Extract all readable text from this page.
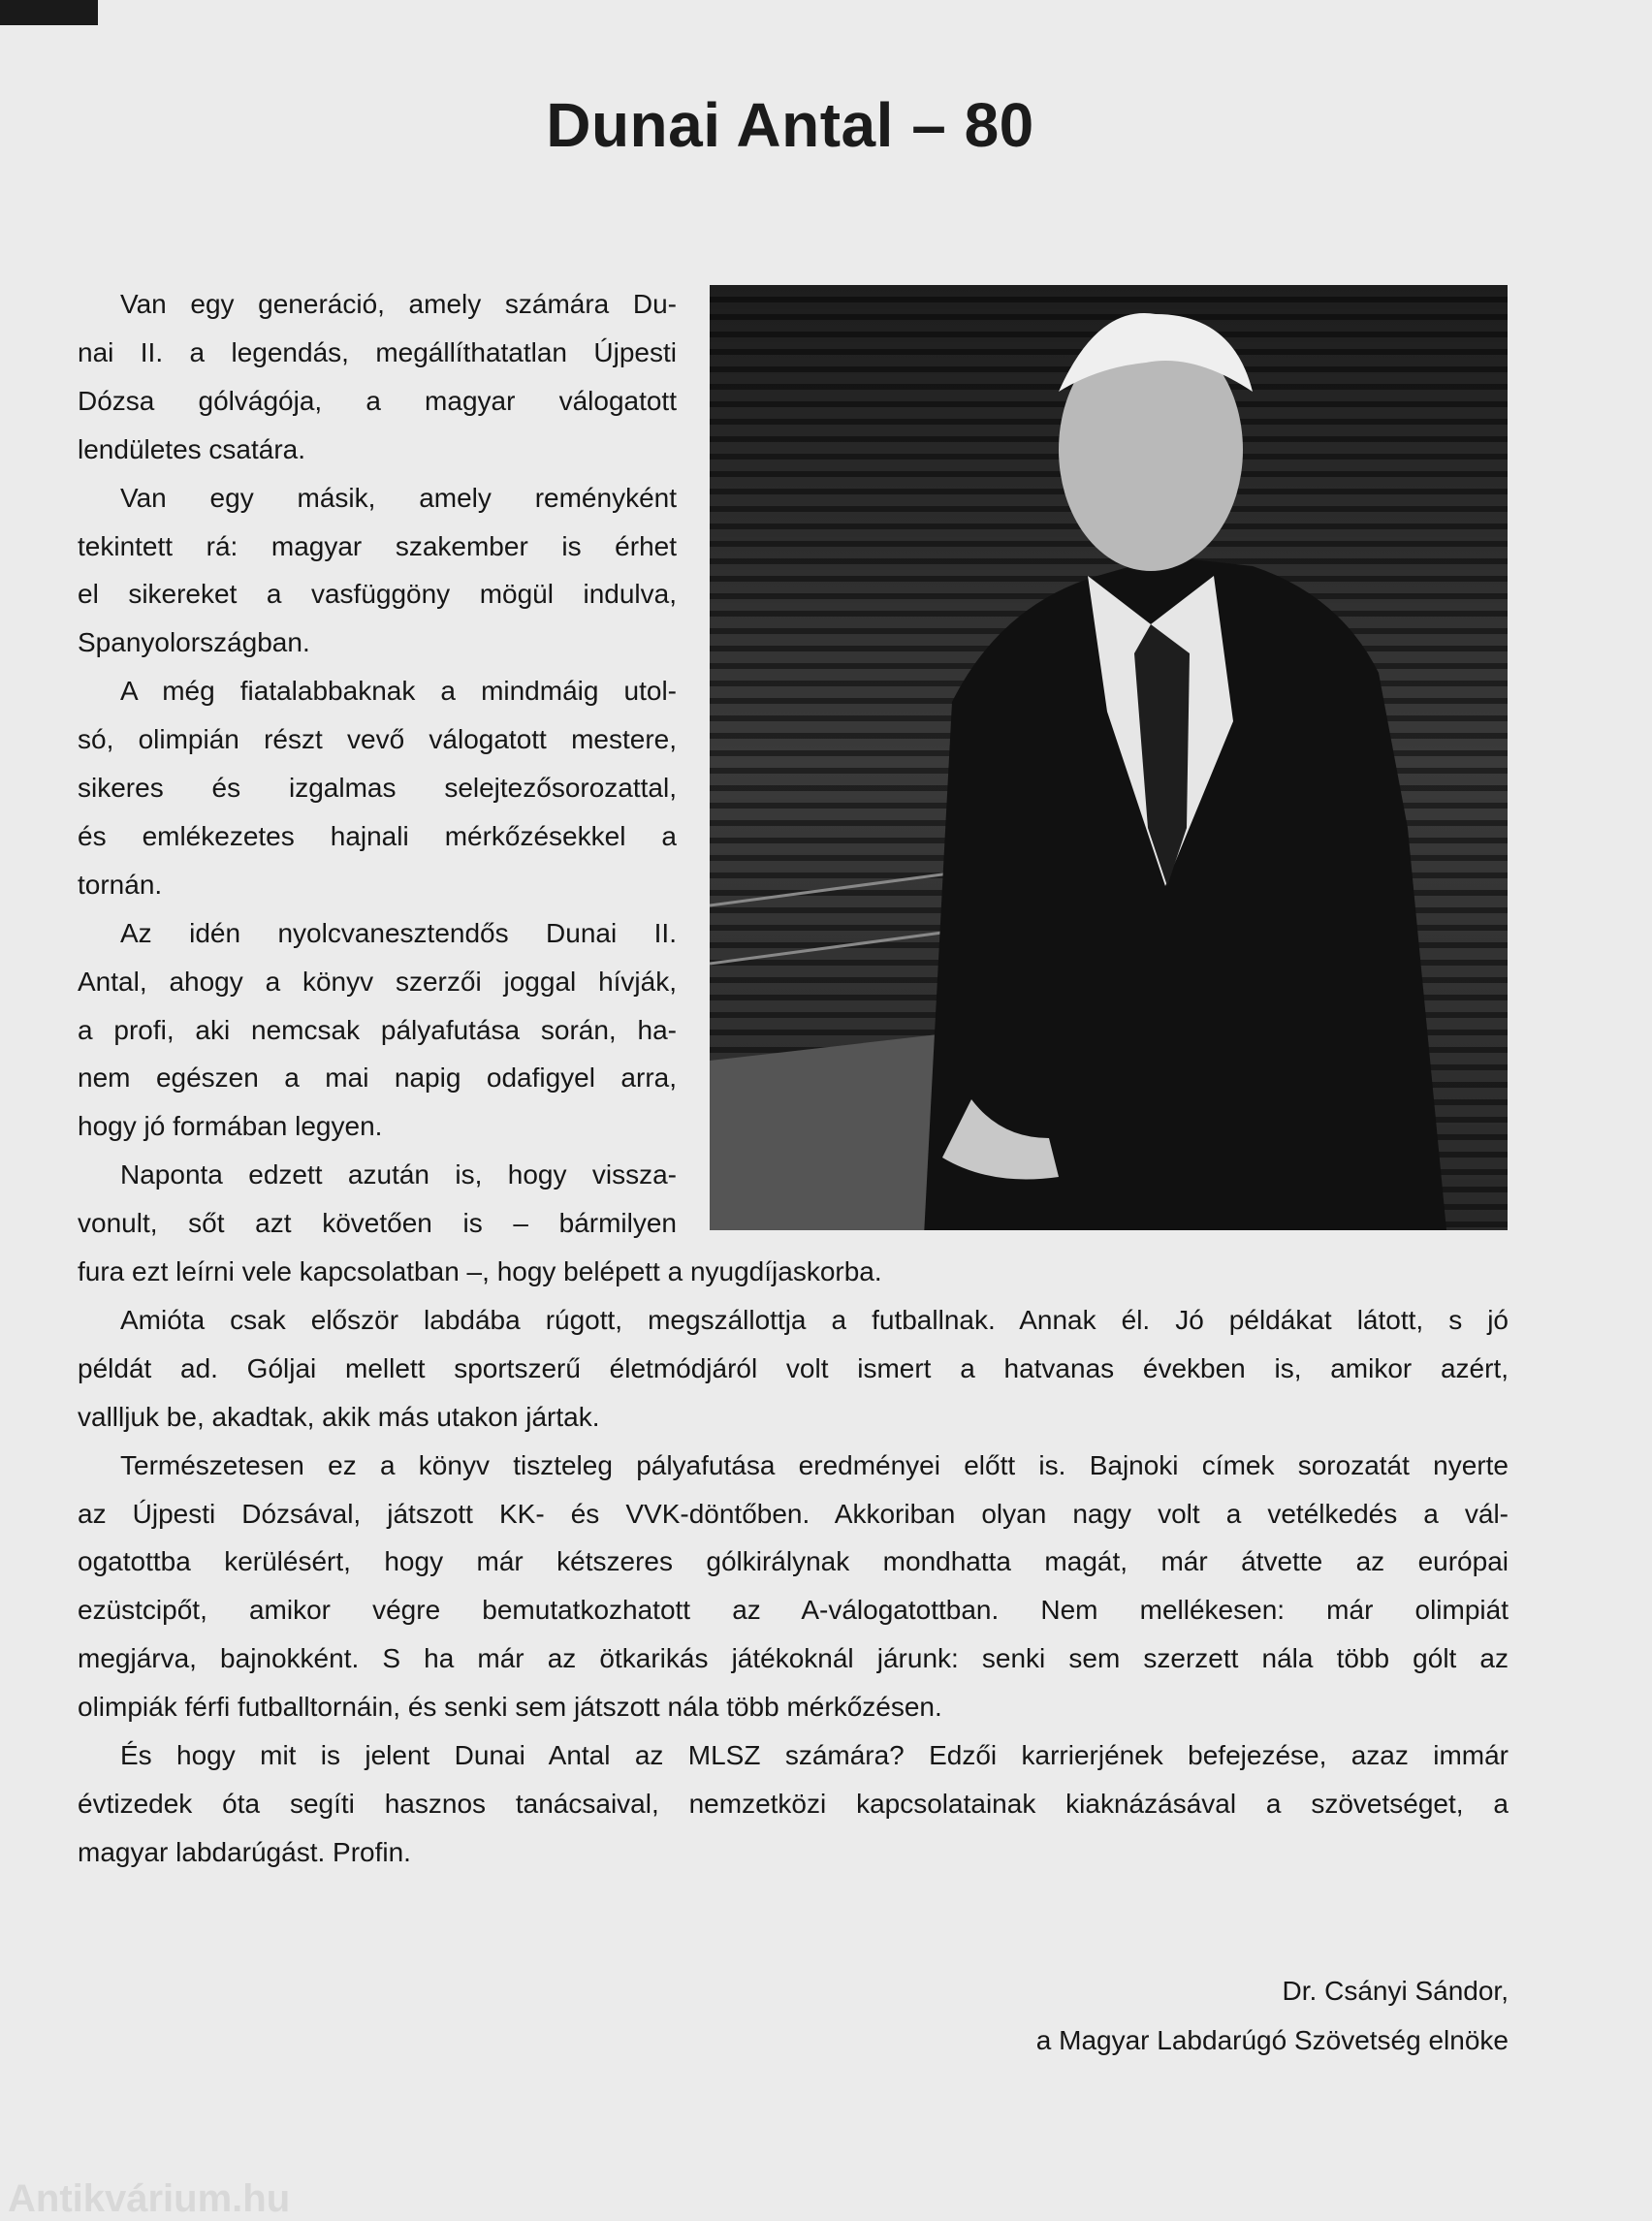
Dunai Antal – 80
Van egy generáció, amely számára Du-
nai II. a legendás, megállíthatatlan Újpesti
Dózsa gólvágója, a magyar válogatott
lendületes csatára.
Van egy másik, amely reményként
tekintett rá: magyar szakember is érhet
el sikereket a vasfüggöny mögül indulva,
Spanyolországban.
A még fiatalabbaknak a mindmáig utol-
só, olimpián részt vevő válogatott mestere,
sikeres és izgalmas selejtezősorozattal,
és emlékezetes hajnali mérkőzésekkel a
tornán.
Az idén nyolcvanesztendős Dunai II.
Antal, ahogy a könyv szerzői joggal hívják,
a profi, aki nemcsak pályafutása során, ha-
nem egészen a mai napig odafigyel arra,
hogy jó formában legyen.
Naponta edzett azután is, hogy vissza-
vonult, sőt azt követően is – bármilyen
fura ezt leírni vele kapcsolatban –, hogy belépett a nyugdíjaskorba.
Amióta csak először labdába rúgott, megszállottja a futballnak. Annak él. Jó példákat látott, s jó
példát ad. Góljai mellett sportszerű életmódjáról volt ismert a hatvanas években is, amikor azért,
vallljuk be, akadtak, akik más utakon jártak.
Természetesen ez a könyv tiszteleg pályafutása eredményei előtt is. Bajnoki címek sorozatát nyerte
az Újpesti Dózsával, játszott KK- és VVK-döntőben. Akkoriban olyan nagy volt a vetélkedés a vál-
ogatottba kerülésért, hogy már kétszeres gólkirálynak mondhatta magát, már átvette az európai
ezüstcipőt, amikor végre bemutatkozhatott az A-válogatottban. Nem mellékesen: már olimpiát
megjárva, bajnokként. S ha már az ötkarikás játékoknál járunk: senki sem szerzett nála több gólt az
olimpiák férfi futballtornáin, és senki sem játszott nála több mérkőzésen.
És hogy mit is jelent Dunai Antal az MLSZ számára? Edzői karrierjének befejezése, azaz immár
évtizedek óta segíti hasznos tanácsaival, nemzetközi kapcsolatainak kiaknázásával a szövetséget, a
magyar labdarúgást. Profin.
Dr. Csányi Sándor,
a Magyar Labdarúgó Szövetség elnöke
Antikvárium.hu
